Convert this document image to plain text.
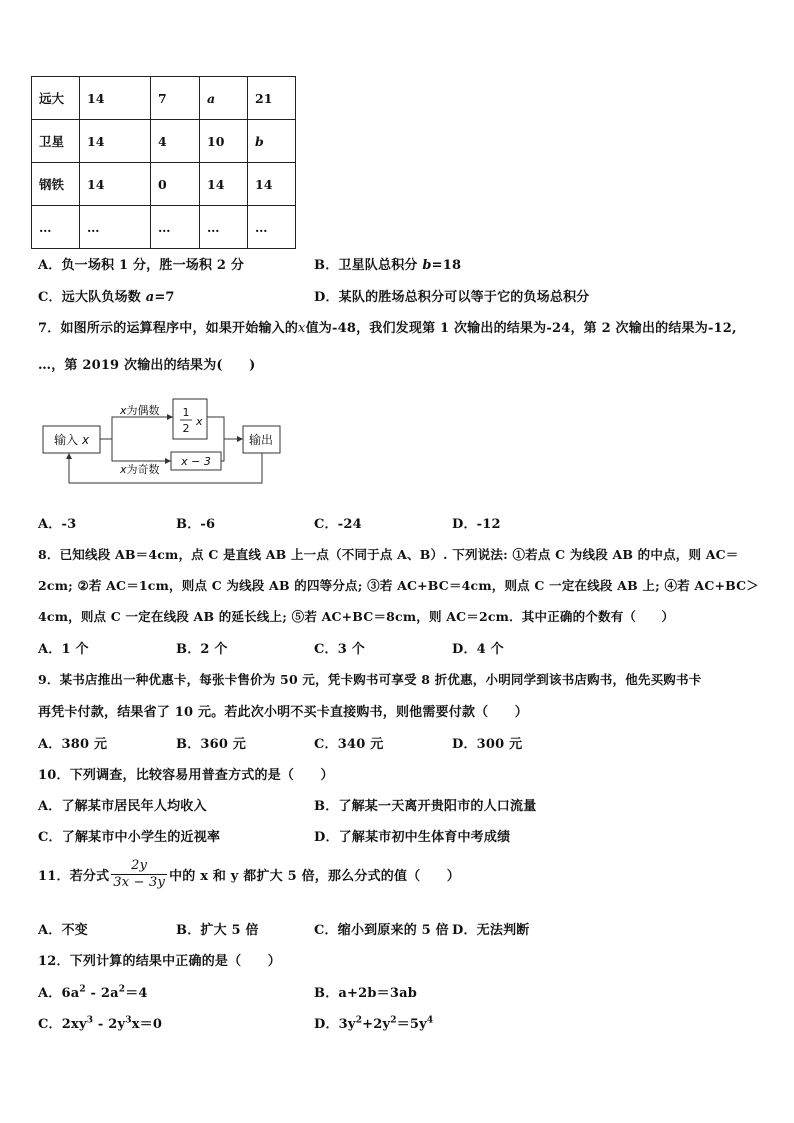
远大	14	7	a	21
卫星	14	4	10	b
钢铁	14	0	14	14
…	…	…	…	…
A．负一场积 1 分，胜一场积 2 分	B．卫星队总积分 b=18
C．远大队负场数 a=7	D．某队的胜场总积分可以等于它的负场总积分
7．如图所示的运算程序中，如果开始输入的x值为-48，我们发现第 1 次输出的结果为-24，第 2 次输出的结果为-12,
…，第 2019 次输出的结果为(　　)
输入 x
x为偶数
x为奇数
1
2
x
x − 3
输出
A．-3	B．-6	C．-24	D．-12
8．已知线段 AB＝4cm，点 C 是直线 AB 上一点（不同于点 A、B）. 下列说法: ①若点 C 为线段 AB 的中点，则 AC＝
2cm; ②若 AC＝1cm，则点 C 为线段 AB 的四等分点; ③若 AC+BC＝4cm，则点 C 一定在线段 AB 上; ④若 AC+BC＞
4cm，则点 C 一定在线段 AB 的延长线上; ⑤若 AC+BC＝8cm，则 AC＝2cm．其中正确的个数有（　　）
A．1 个	B．2 个	C．3 个	D．4 个
9．某书店推出一种优惠卡，每张卡售价为 50 元，凭卡购书可享受 8 折优惠，小明同学到该书店购书，他先买购书卡
再凭卡付款，结果省了 10 元。若此次小明不买卡直接购书，则他需要付款（　　）
A．380 元	B．360 元	C．340 元	D．300 元
10．下列调查，比较容易用普查方式的是（　　）
A．了解某市居民年人均收入	B．了解某一天离开贵阳市的人口流量
C．了解某市中小学生的近视率	D．了解某市初中生体育中考成绩
11．若分式 $\frac{2y}{3x - 3y}$ 中的 x 和 y 都扩大 5 倍，那么分式的值（　　）
A．不变	B．扩大 5 倍	C．缩小到原来的 5 倍 D．无法判断
12．下列计算的结果中正确的是（　　）
A．$6a^2 - 2a^2=4$	B．a+2b＝3ab
C．$2xy^3 - 2y^3x=0$	D．$3y^2+2y^2=5y^4$
